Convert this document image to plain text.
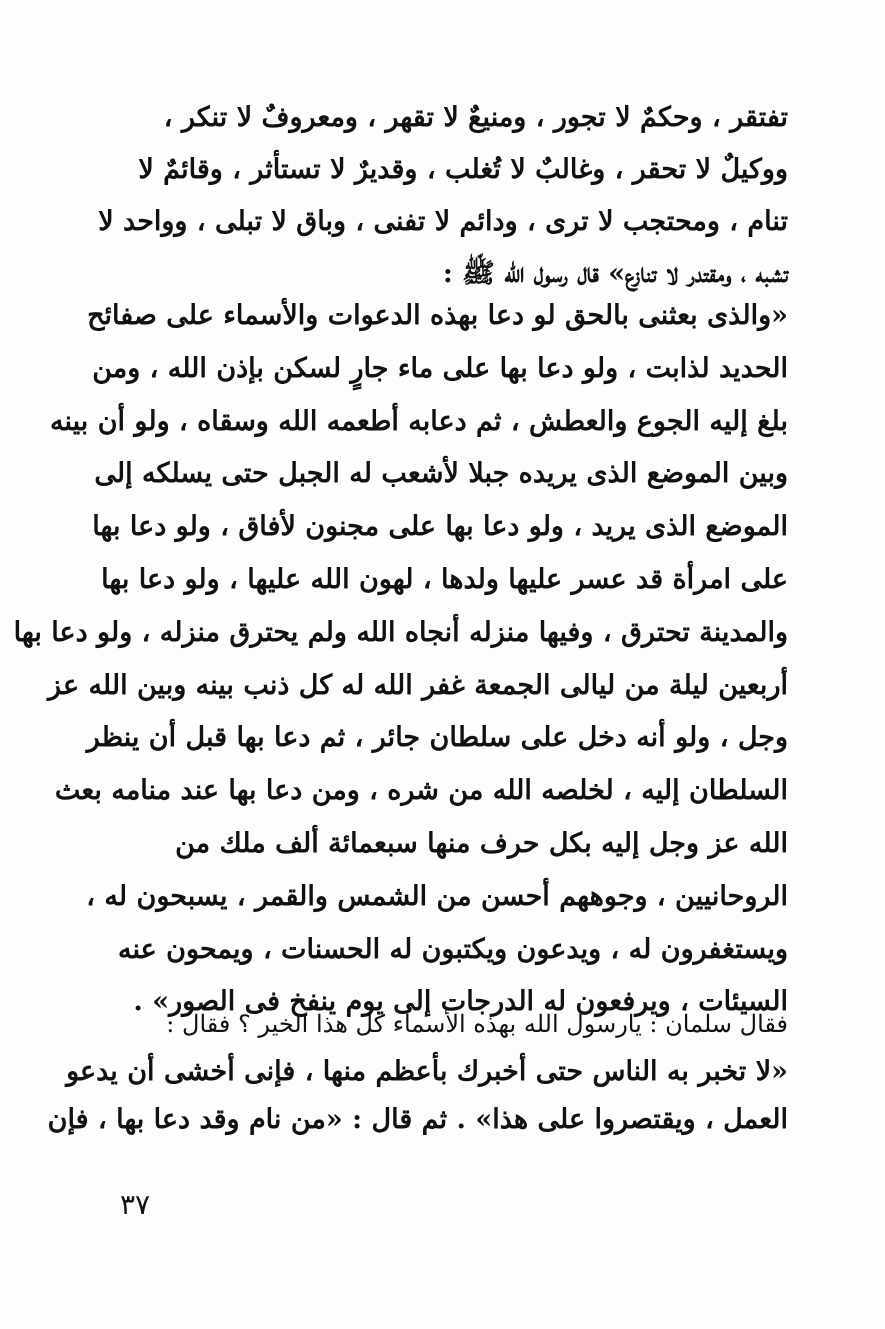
تفتقر ، وحكمٌ لا تجور ، ومنيعٌ لا تقهر ، ومعروفٌ لا تنكر ،
ووكيلٌ لا تحقر ، وغالبٌ لا تُغلب ، وقديرٌ لا تستأثر ، وقائمٌ لا
تنام ، ومحتجب لا ترى ، ودائم لا تفنى ، وباق لا تبلى ، وواحد لا
تشبه ، ومقتدر لا تنازع» قال رسول الله ﷺ :
«والذى بعثنى بالحق لو دعا بهذه الدعوات والأسماء على صفائح
الحديد لذابت ، ولو دعا بها على ماء جارٍ لسكن بإذن الله ، ومن
بلغ إليه الجوع والعطش ، ثم دعابه أطعمه الله وسقاه ، ولو أن بينه
وبين الموضع الذى يريده جبلا لأشعب له الجبل حتى يسلكه إلى
الموضع الذى يريد ، ولو دعا بها على مجنون لأفاق ، ولو دعا بها
على امرأة قد عسر عليها ولدها ، لهون الله عليها ، ولو دعا بها
والمدينة تحترق ، وفيها منزله أنجاه الله ولم يحترق منزله ، ولو دعا بها
أربعين ليلة من ليالى الجمعة غفر الله له كل ذنب بينه وبين الله عز
وجل ، ولو أنه دخل على سلطان جائر ، ثم دعا بها قبل أن ينظر
السلطان إليه ، لخلصه الله من شره ، ومن دعا بها عند منامه بعث
الله عز وجل إليه بكل حرف منها سبعمائة ألف ملك من
الروحانيين ، وجوههم أحسن من الشمس والقمر ، يسبحون له ،
ويستغفرون له ، ويدعون ويكتبون له الحسنات ، ويمحون عنه
السيئات ، ويرفعون له الدرجات إلى يوم ينفخ فى الصور» .
فقال سلمان : يارسول الله بهذه الأسماء كل هذا الخير ؟ فقال :
«لا تخبر به الناس حتى أخبرك بأعظم منها ، فإنى أخشى أن يدعو
العمل ، ويقتصروا على هذا» . ثم قال : «من نام وقد دعا بها ، فإن
٣٧
